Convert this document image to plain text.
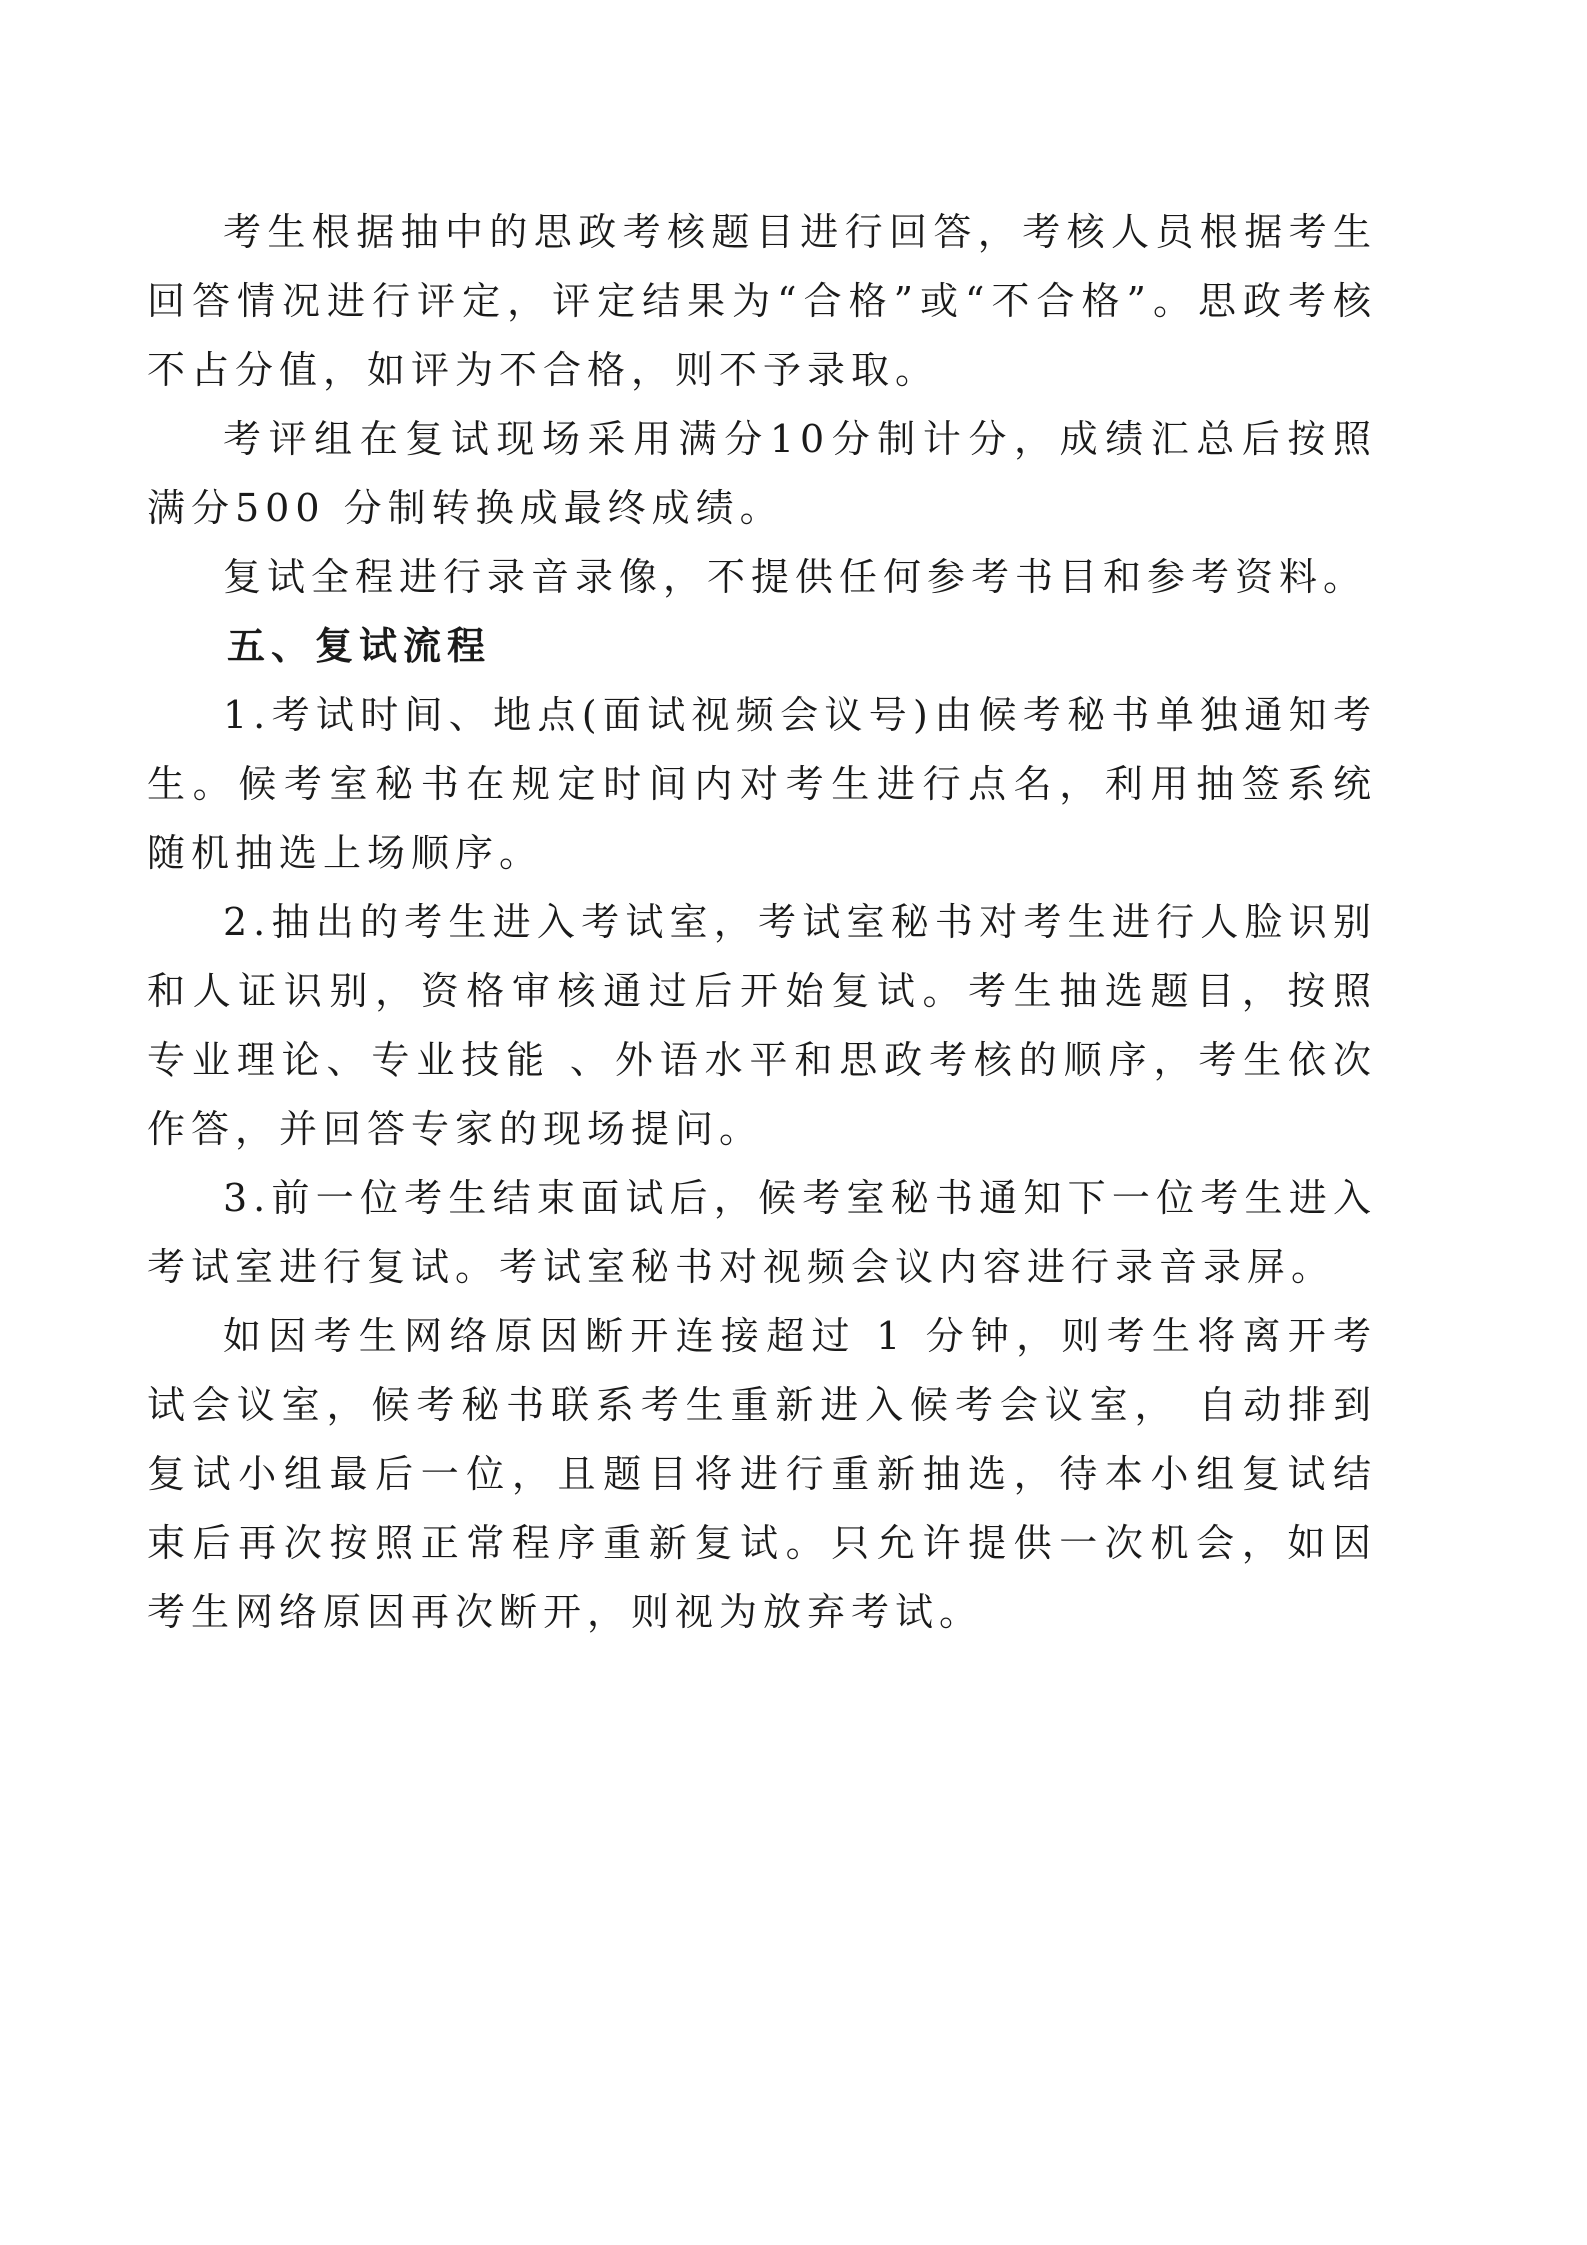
考生根据抽中的思政考核题目进行回答，考核人员根据考生回答情况进行评定，评定结果为“合格”或“不合格”。思政考核不占分值，如评为不合格，则不予录取。

考评组在复试现场采用满分10分制计分，成绩汇总后按照满分500 分制转换成最终成绩。

复试全程进行录音录像，不提供任何参考书目和参考资料。

五、复试流程

1.考试时间、地点(面试视频会议号)由候考秘书单独通知考生。候考室秘书在规定时间内对考生进行点名，利用抽签系统随机抽选上场顺序。

2.抽出的考生进入考试室，考试室秘书对考生进行人脸识别和人证识别，资格审核通过后开始复试。考生抽选题目，按照专业理论、专业技能 、外语水平和思政考核的顺序，考生依次作答，并回答专家的现场提问。

3.前一位考生结束面试后，候考室秘书通知下一位考生进入考试室进行复试。考试室秘书对视频会议内容进行录音录屏。

如因考生网络原因断开连接超过 1 分钟，则考生将离开考试会议室，候考秘书联系考生重新进入候考会议室， 自动排到复试小组最后一位，且题目将进行重新抽选，待本小组复试结束后再次按照正常程序重新复试。只允许提供一次机会，如因考生网络原因再次断开，则视为放弃考试。
